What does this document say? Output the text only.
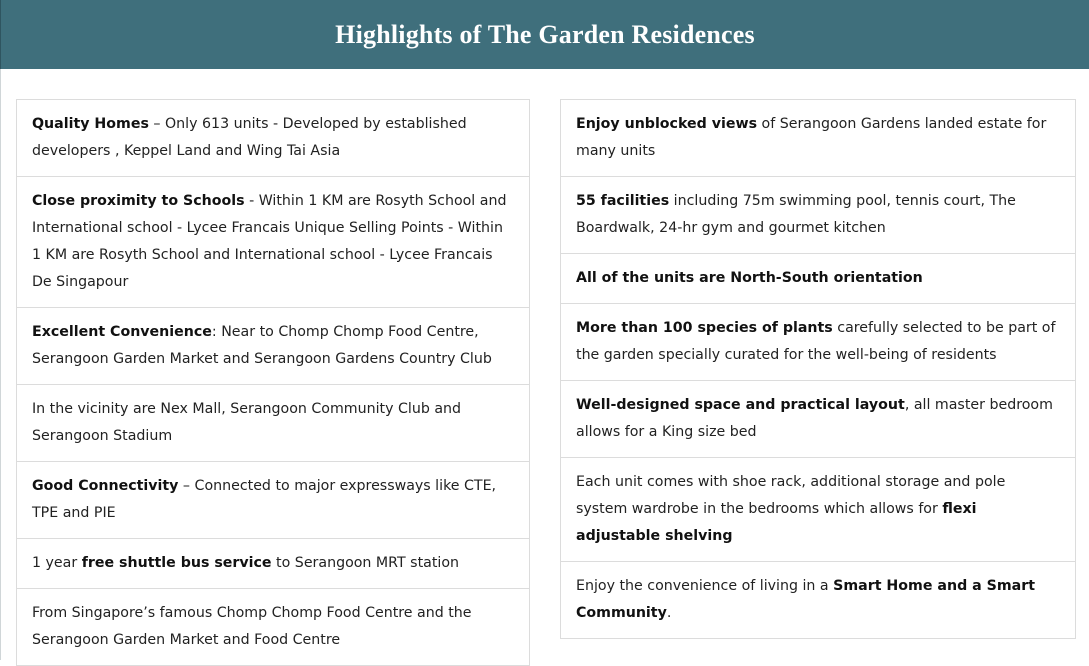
Highlights of The Garden Residences
Quality Homes – Only 613 units - Developed by established developers , Keppel Land and Wing Tai Asia
Close proximity to Schools - Within 1 KM are Rosyth School and International school - Lycee Francais Unique Selling Points - Within 1 KM are Rosyth School and International school - Lycee Francais De Singapour
Excellent Convenience: Near to Chomp Chomp Food Centre, Serangoon Garden Market and Serangoon Gardens Country Club
In the vicinity are Nex Mall, Serangoon Community Club and Serangoon Stadium
Good Connectivity – Connected to major expressways like CTE, TPE and PIE
1 year free shuttle bus service to Serangoon MRT station
From Singapore’s famous Chomp Chomp Food Centre and the Serangoon Garden Market and Food Centre
Enjoy unblocked views of Serangoon Gardens landed estate for many units
55 facilities including 75m swimming pool, tennis court, The Boardwalk, 24-hr gym and gourmet kitchen
All of the units are North-South orientation
More than 100 species of plants carefully selected to be part of the garden specially curated for the well-being of residents
Well-designed space and practical layout, all master bedroom allows for a King size bed
Each unit comes with shoe rack, additional storage and pole system wardrobe in the bedrooms which allows for flexi adjustable shelving
Enjoy the convenience of living in a Smart Home and a Smart Community.
